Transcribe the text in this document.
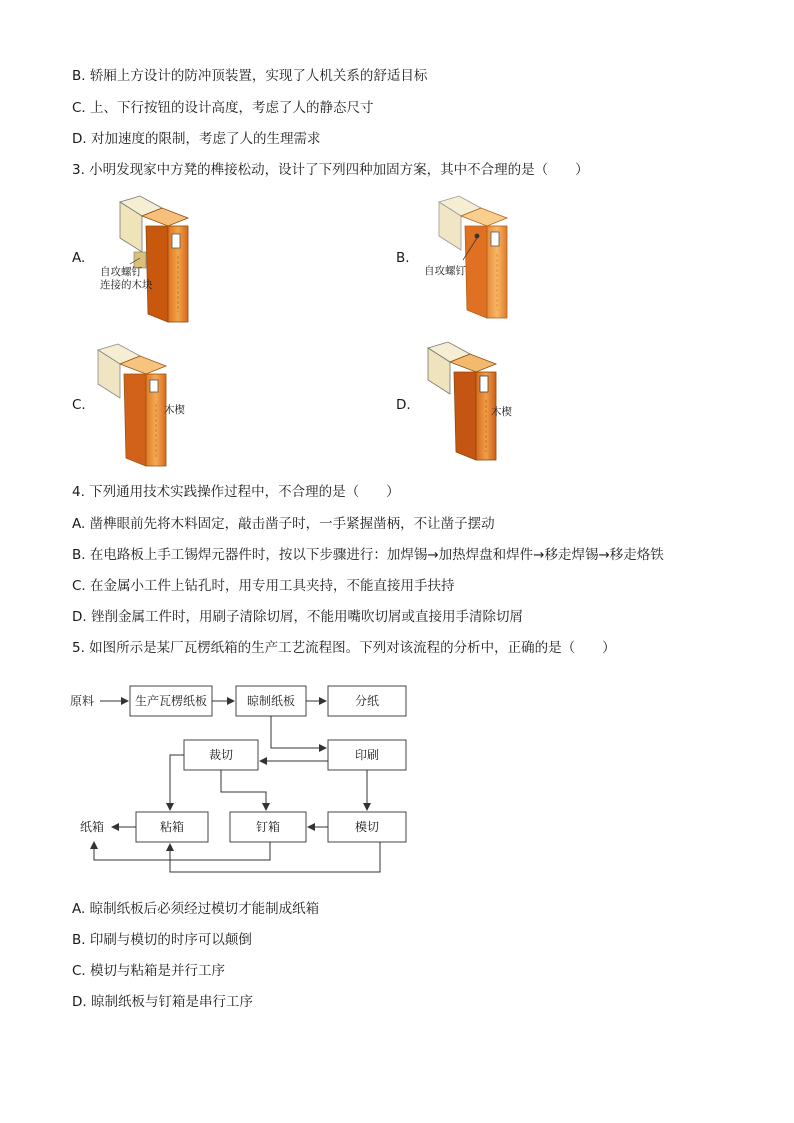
B. 轿厢上方设计的防冲顶装置，实现了人机关系的舒适目标
C. 上、下行按钮的设计高度，考虑了人的静态尺寸
D. 对加速度的限制，考虑了人的生理需求
3. 小明发现家中方凳的榫接松动，设计了下列四种加固方案，其中不合理的是（　　）
A.	B.
C.	D.
自攻螺钉
连接的木块
自攻螺钉
木楔	木楔
4. 下列通用技术实践操作过程中，不合理的是（　　）
A. 凿榫眼前先将木料固定，敲击凿子时，一手紧握凿柄，不让凿子摆动
B. 在电路板上手工锡焊元器件时，按以下步骤进行：加焊锡→加热焊盘和焊件→移走焊锡→移走烙铁
C. 在金属小工件上钻孔时，用专用工具夹持，不能直接用手扶持
D. 锉削金属工件时，用刷子清除切屑，不能用嘴吹切屑或直接用手清除切屑
5. 如图所示是某厂瓦楞纸箱的生产工艺流程图。下列对该流程的分析中，正确的是（　　）
原料	生产瓦楞纸板	晾制纸板	分纸
裁切	印刷
粘箱	钉箱	模切
纸箱
A. 晾制纸板后必须经过模切才能制成纸箱
B. 印刷与模切的时序可以颠倒
C. 模切与粘箱是并行工序
D. 晾制纸板与钉箱是串行工序
